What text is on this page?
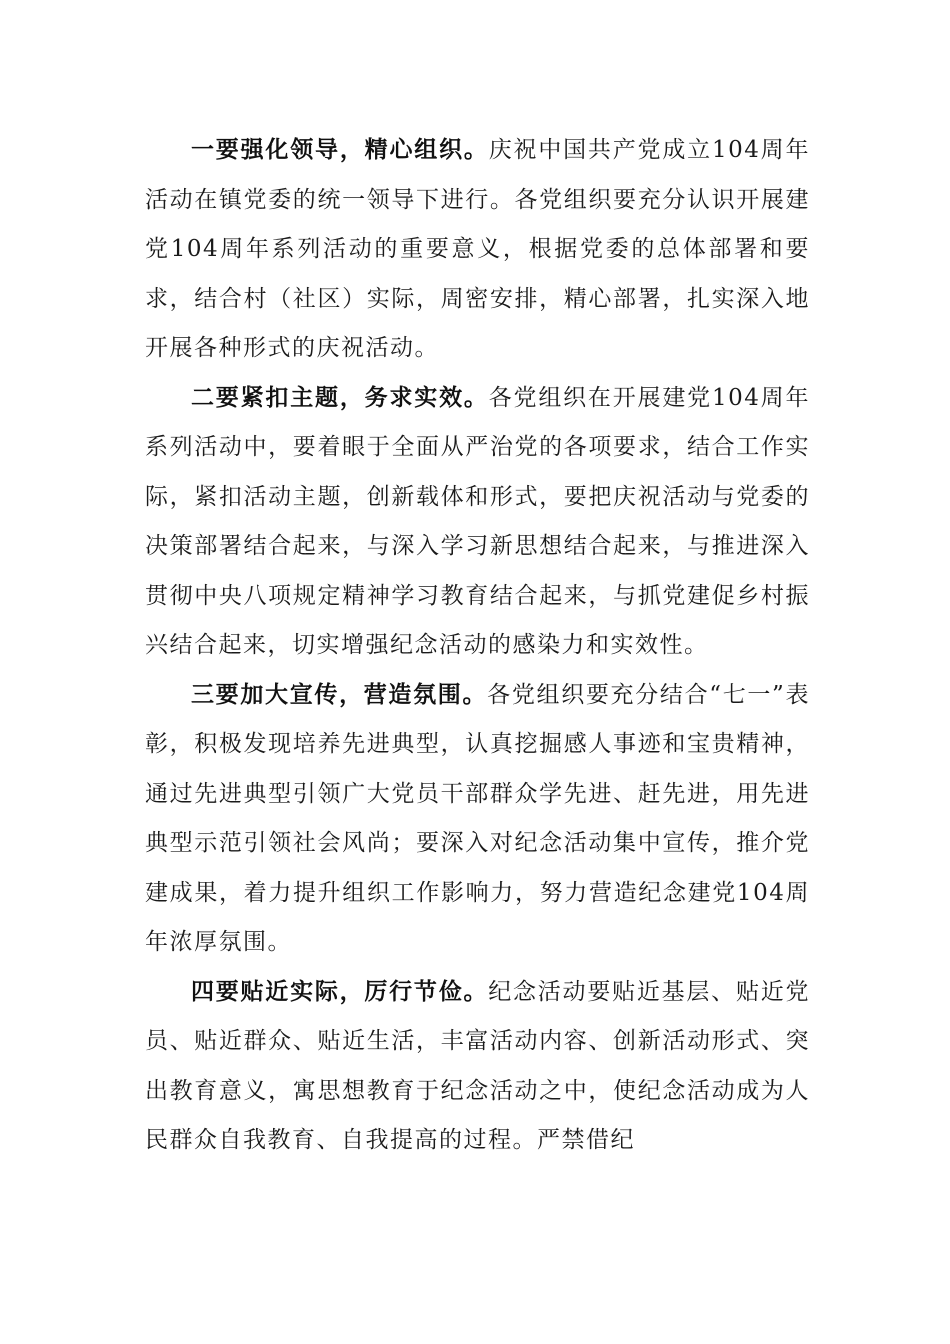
一要强化领导，精心组织。庆祝中国共产党成立104周年活动在镇党委的统一领导下进行。各党组织要充分认识开展建党104周年系列活动的重要意义，根据党委的总体部署和要求，结合村（社区）实际，周密安排，精心部署，扎实深入地开展各种形式的庆祝活动。

二要紧扣主题，务求实效。各党组织在开展建党104周年系列活动中，要着眼于全面从严治党的各项要求，结合工作实际，紧扣活动主题，创新载体和形式，要把庆祝活动与党委的决策部署结合起来，与深入学习新思想结合起来，与推进深入贯彻中央八项规定精神学习教育结合起来，与抓党建促乡村振兴结合起来，切实增强纪念活动的感染力和实效性。

三要加大宣传，营造氛围。各党组织要充分结合“七一”表彰，积极发现培养先进典型，认真挖掘感人事迹和宝贵精神，通过先进典型引领广大党员干部群众学先进、赶先进，用先进典型示范引领社会风尚；要深入对纪念活动集中宣传，推介党建成果，着力提升组织工作影响力，努力营造纪念建党104周年浓厚氛围。

四要贴近实际，厉行节俭。纪念活动要贴近基层、贴近党员、贴近群众、贴近生活，丰富活动内容、创新活动形式、突出教育意义，寓思想教育于纪念活动之中，使纪念活动成为人民群众自我教育、自我提高的过程。严禁借纪
